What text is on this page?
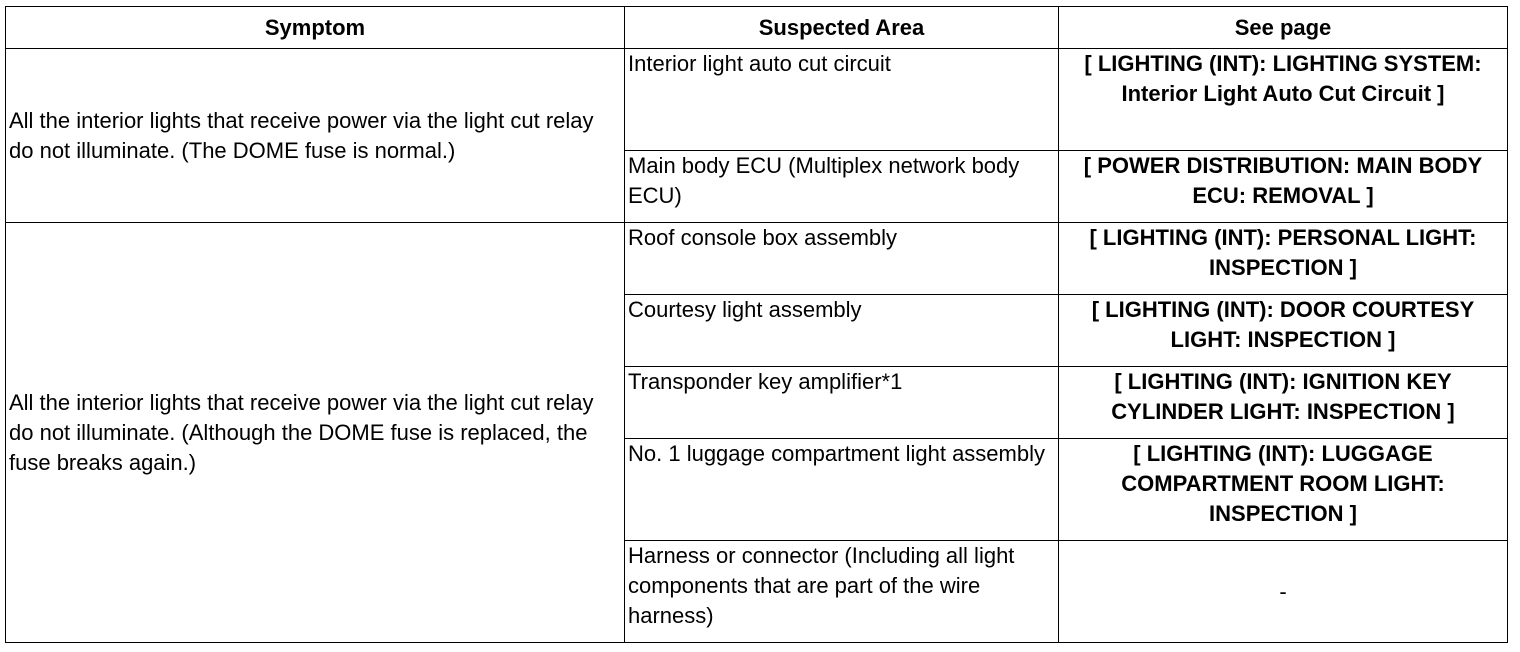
Symptom	Suspected Area	See page
All the interior lights that receive power via the light cut relay do not illuminate. (The DOME fuse is normal.)	Interior light auto cut circuit	[ LIGHTING (INT): LIGHTING SYSTEM: Interior Light Auto Cut Circuit ]
	Main body ECU (Multiplex network body ECU)	[ POWER DISTRIBUTION: MAIN BODY ECU: REMOVAL ]
All the interior lights that receive power via the light cut relay do not illuminate. (Although the DOME fuse is replaced, the fuse breaks again.)	Roof console box assembly	[ LIGHTING (INT): PERSONAL LIGHT: INSPECTION ]
	Courtesy light assembly	[ LIGHTING (INT): DOOR COURTESY LIGHT: INSPECTION ]
	Transponder key amplifier*1	[ LIGHTING (INT): IGNITION KEY CYLINDER LIGHT: INSPECTION ]
	No. 1 luggage compartment light assembly	[ LIGHTING (INT): LUGGAGE COMPARTMENT ROOM LIGHT: INSPECTION ]
	Harness or connector (Including all light components that are part of the wire harness)	-
